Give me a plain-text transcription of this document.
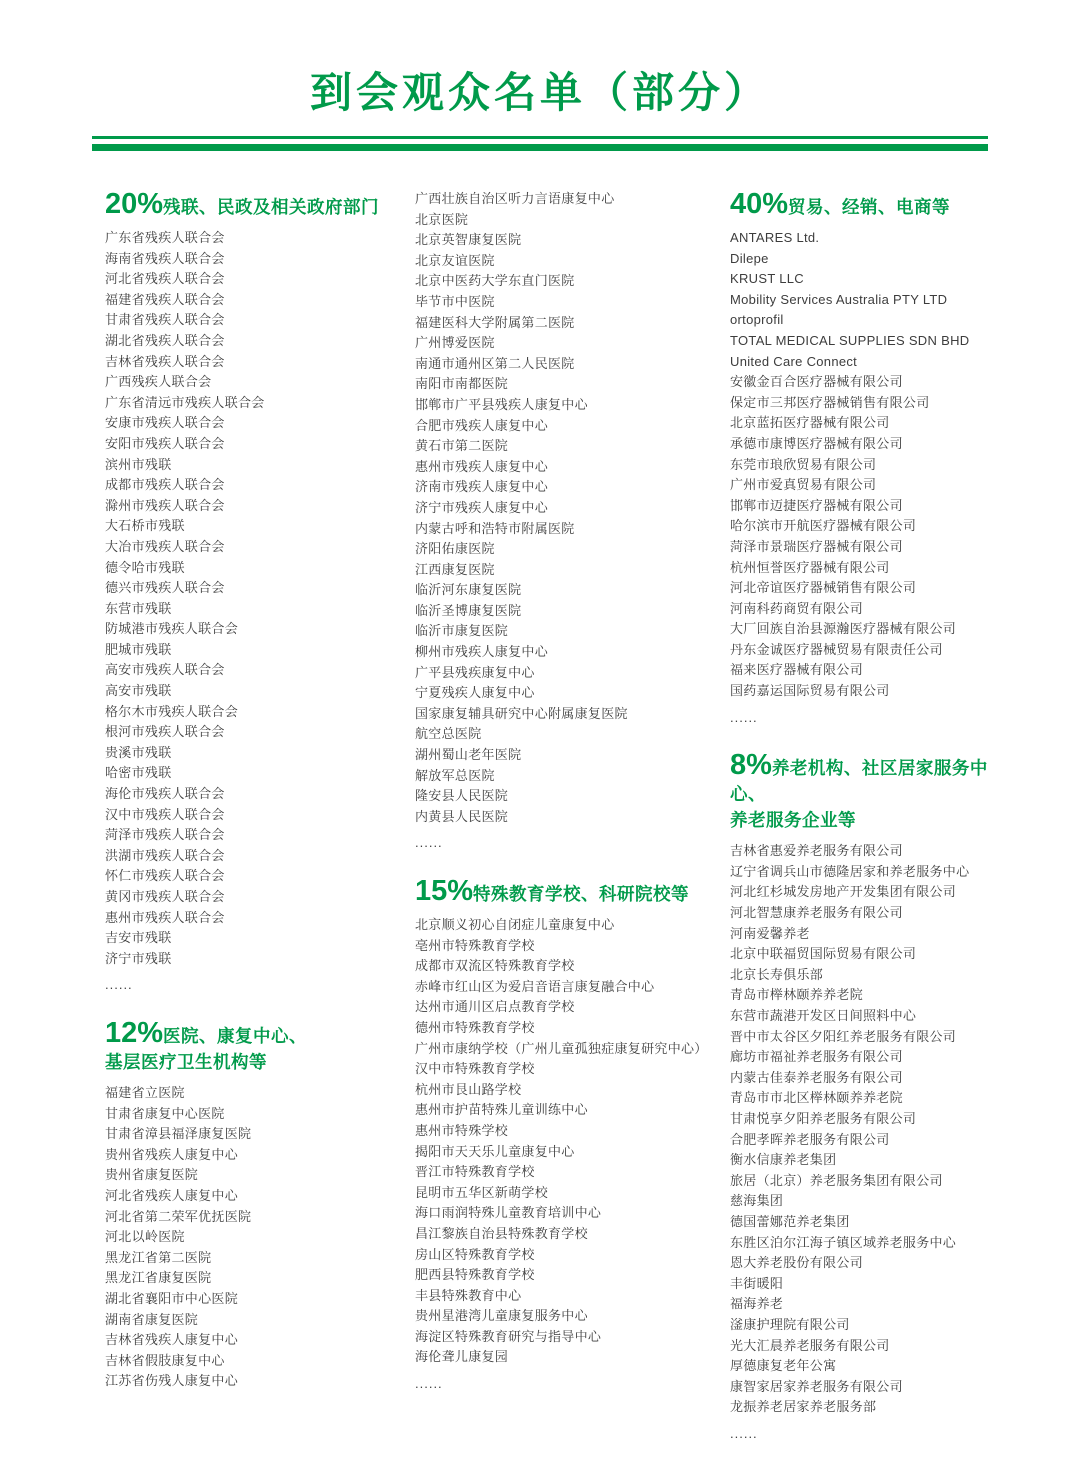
到会观众名单（部分）
20%残联、民政及相关政府部门
广东省残疾人联合会
海南省残疾人联合会
河北省残疾人联合会
福建省残疾人联合会
甘肃省残疾人联合会
湖北省残疾人联合会
吉林省残疾人联合会
广西残疾人联合会
广东省清远市残疾人联合会
安康市残疾人联合会
安阳市残疾人联合会
滨州市残联
成都市残疾人联合会
滁州市残疾人联合会
大石桥市残联
大冶市残疾人联合会
德令哈市残联
德兴市残疾人联合会
东营市残联
防城港市残疾人联合会
肥城市残联
高安市残疾人联合会
高安市残联
格尔木市残疾人联合会
根河市残疾人联合会
贵溪市残联
哈密市残联
海伦市残疾人联合会
汉中市残疾人联合会
菏泽市残疾人联合会
洪湖市残疾人联合会
怀仁市残疾人联合会
黄冈市残疾人联合会
惠州市残疾人联合会
吉安市残联
济宁市残联
......
12%医院、康复中心、
基层医疗卫生机构等
福建省立医院
甘肃省康复中心医院
甘肃省漳县福泽康复医院
贵州省残疾人康复中心
贵州省康复医院
河北省残疾人康复中心
河北省第二荣军优抚医院
河北以岭医院
黑龙江省第二医院
黑龙江省康复医院
湖北省襄阳市中心医院
湖南省康复医院
吉林省残疾人康复中心
吉林省假肢康复中心
江苏省伤残人康复中心
广西壮族自治区听力言语康复中心
北京医院
北京英智康复医院
北京友谊医院
北京中医药大学东直门医院
毕节市中医院
福建医科大学附属第二医院
广州博爱医院
南通市通州区第二人民医院
南阳市南都医院
邯郸市广平县残疾人康复中心
合肥市残疾人康复中心
黄石市第二医院
惠州市残疾人康复中心
济南市残疾人康复中心
济宁市残疾人康复中心
内蒙古呼和浩特市附属医院
济阳佑康医院
江西康复医院
临沂河东康复医院
临沂圣博康复医院
临沂市康复医院
柳州市残疾人康复中心
广平县残疾康复中心
宁夏残疾人康复中心
国家康复辅具研究中心附属康复医院
航空总医院
湖州蜀山老年医院
解放军总医院
隆安县人民医院
内黄县人民医院
......
15%特殊教育学校、科研院校等
北京顺义初心自闭症儿童康复中心
亳州市特殊教育学校
成都市双流区特殊教育学校
赤峰市红山区为爱启音语言康复融合中心
达州市通川区启点教育学校
德州市特殊教育学校
广州市康纳学校（广州儿童孤独症康复研究中心）
汉中市特殊教育学校
杭州市艮山路学校
惠州市护苗特殊儿童训练中心
惠州市特殊学校
揭阳市天天乐儿童康复中心
晋江市特殊教育学校
昆明市五华区新萌学校
海口雨润特殊儿童教育培训中心
昌江黎族自治县特殊教育学校
房山区特殊教育学校
肥西县特殊教育学校
丰县特殊教育中心
贵州星港湾儿童康复服务中心
海淀区特殊教育研究与指导中心
海伦聋儿康复园
......
40%贸易、经销、电商等
ANTARES Ltd.
Dilepe
KRUST LLC
Mobility Services Australia PTY LTD
ortoprofil
TOTAL MEDICAL SUPPLIES SDN BHD
United Care Connect
安徽金百合医疗器械有限公司
保定市三邦医疗器械销售有限公司
北京蓝拓医疗器械有限公司
承德市康博医疗器械有限公司
东莞市琅欣贸易有限公司
广州市爱真贸易有限公司
邯郸市迈捷医疗器械有限公司
哈尔滨市开航医疗器械有限公司
菏泽市景瑞医疗器械有限公司
杭州恒誉医疗器械有限公司
河北帝谊医疗器械销售有限公司
河南科药商贸有限公司
大厂回族自治县源瀚医疗器械有限公司
丹东金诚医疗器械贸易有限责任公司
福来医疗器械有限公司
国药嘉运国际贸易有限公司
......
8%养老机构、社区居家服务中心、
养老服务企业等
吉林省惠爱养老服务有限公司
辽宁省调兵山市德隆居家和养老服务中心
河北红杉城发房地产开发集团有限公司
河北智慧康养老服务有限公司
河南爱馨养老
北京中联福贸国际贸易有限公司
北京长寿俱乐部
青岛市榉林颐养养老院
东营市蔬港开发区日间照料中心
晋中市太谷区夕阳红养老服务有限公司
廊坊市福祉养老服务有限公司
内蒙古佳泰养老服务有限公司
青岛市市北区榉林颐养养老院
甘肃悦享夕阳养老服务有限公司
合肥孝晖养老服务有限公司
衡水信康养老集团
旅居（北京）养老服务集团有限公司
慈海集团
德国蕾娜范养老集团
东胜区泊尔江海子镇区域养老服务中心
恩大养老股份有限公司
丰街暖阳
福海养老
滏康护理院有限公司
光大汇晨养老服务有限公司
厚德康复老年公寓
康智家居家养老服务有限公司
龙振养老居家养老服务部
......
